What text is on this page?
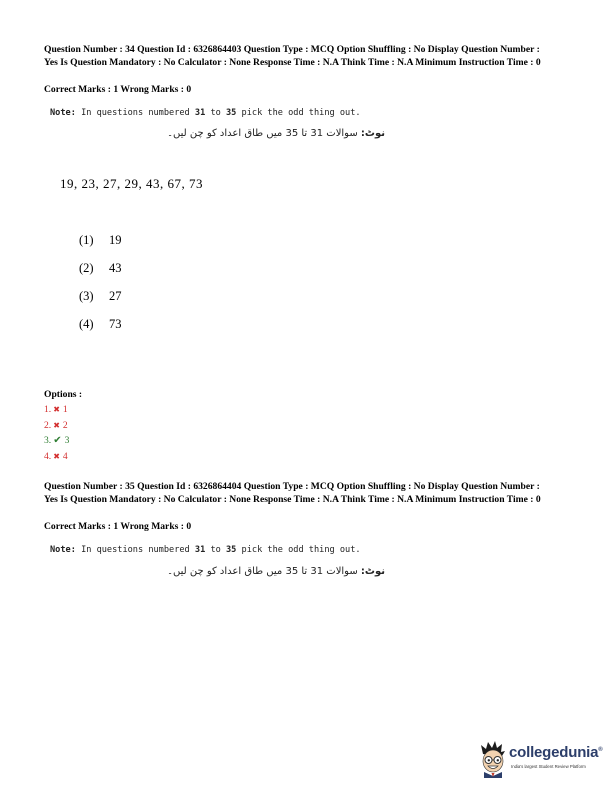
Question Number : 34 Question Id : 6326864403 Question Type : MCQ Option Shuffling : No Display Question Number : Yes Is Question Mandatory : No Calculator : None Response Time : N.A Think Time : N.A Minimum Instruction Time : 0
Correct Marks : 1 Wrong Marks : 0
Note: In questions numbered 31 to 35 pick the odd thing out.
نوٹ: سوالات 31 تا 35 میں طاق اعداد کو چن لیں۔
19, 23, 27, 29, 43, 67, 73
(1) 19
(2) 43
(3) 27
(4) 73
Options :
1. ✖ 1
2. ✖ 2
3. ✔ 3
4. ✖ 4
Question Number : 35 Question Id : 6326864404 Question Type : MCQ Option Shuffling : No Display Question Number : Yes Is Question Mandatory : No Calculator : None Response Time : N.A Think Time : N.A Minimum Instruction Time : 0
Correct Marks : 1 Wrong Marks : 0
Note: In questions numbered 31 to 35 pick the odd thing out.
نوٹ: سوالات 31 تا 35 میں طاق اعداد کو چن لیں۔
collegedunia®
India's largest Student Review Platform
